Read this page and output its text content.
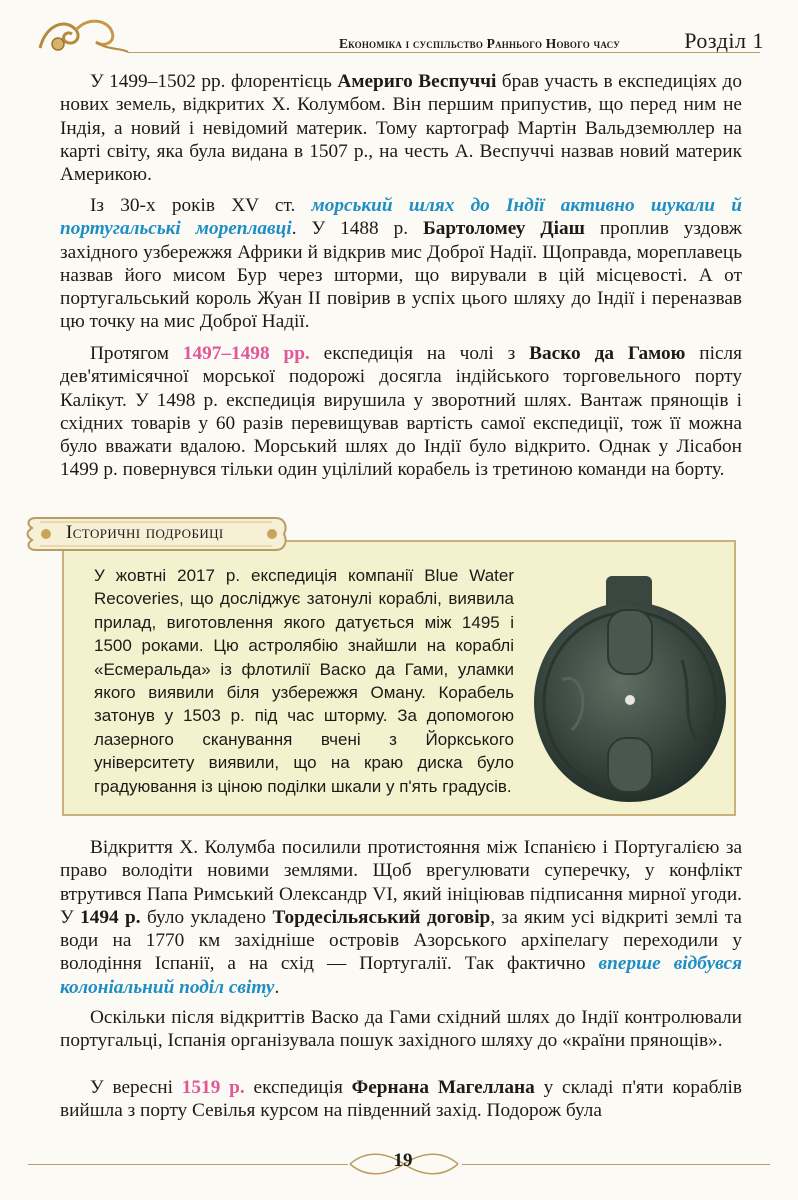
Економіка і суспільство Раннього Нового часу	Розділ 1

У 1499–1502 рр. флорентієць Америго Веспуччі брав участь в експедиціях до нових земель, відкритих Х. Колумбом. Він першим припустив, що перед ним не Індія, а новий і невідомий материк. Тому картограф Мартін Вальдземюллер на карті світу, яка була видана в 1507 р., на честь А. Веспуччі назвав новий материк Америкою.

Із 30-х років XV ст. морський шлях до Індії активно шукали й португальські мореплавці. У 1488 р. Бартоломеу Діаш проплив уздовж західного узбережжя Африки й відкрив мис Доброї Надії. Щоправда, мореплавець назвав його мисом Бур через шторми, що вирували в цій місцевості. А от португальський король Жуан ІІ повірив в успіх цього шляху до Індії і переназвав цю точку на мис Доброї Надії.

Протягом 1497–1498 рр. експедиція на чолі з Васко да Гамою після дев'ятимісячної морської подорожі досягла індійського торговельного порту Калікут. У 1498 р. експедиція вирушила у зворотний шлях. Вантаж прянощів і східних товарів у 60 разів перевищував вартість самої експедиції, тож її можна було вважати вдалою. Морський шлях до Індії було відкрито. Однак у Лісабон 1499 р. повернувся тільки один уцілілий корабель із третиною команди на борту.

У жовтні 2017 р. експедиція компанії Blue Water Recoveries, що досліджує затонулі кораблі, виявила прилад, виготовлення якого датується між 1495 і 1500 роками. Цю астролябію знайшли на кораблі «Есмеральда» із флотилії Васко да Гами, уламки якого виявили біля узбережжя Оману. Корабель затонув у 1503 р. під час шторму. За допомогою лазерного сканування вчені з Йоркського університету виявили, що на краю диска було градуювання із ціною поділки шкали у п'ять градусів.

Історичні подробиці

Відкриття Х. Колумба посилили протистояння між Іспанією і Португалією за право володіти новими землями. Щоб врегулювати суперечку, у конфлікт втрутився Папа Римський Олександр VI, який ініціював підписання мирної угоди. У 1494 р. було укладено Тордесільяський договір, за яким усі відкриті землі та води на 1770 км західніше островів Азорського архіпелагу переходили у володіння Іспанії, а на схід — Португалії. Так фактично вперше відбувся колоніальний поділ світу.

Оскільки після відкриттів Васко да Гами східний шлях до Індії контролювали португальці, Іспанія організувала пошук західного шляху до «країни прянощів».

У вересні 1519 р. експедиція Фернана Магеллана у складі п'яти кораблів вийшла з порту Севілья курсом на південний захід. Подорож була

19
